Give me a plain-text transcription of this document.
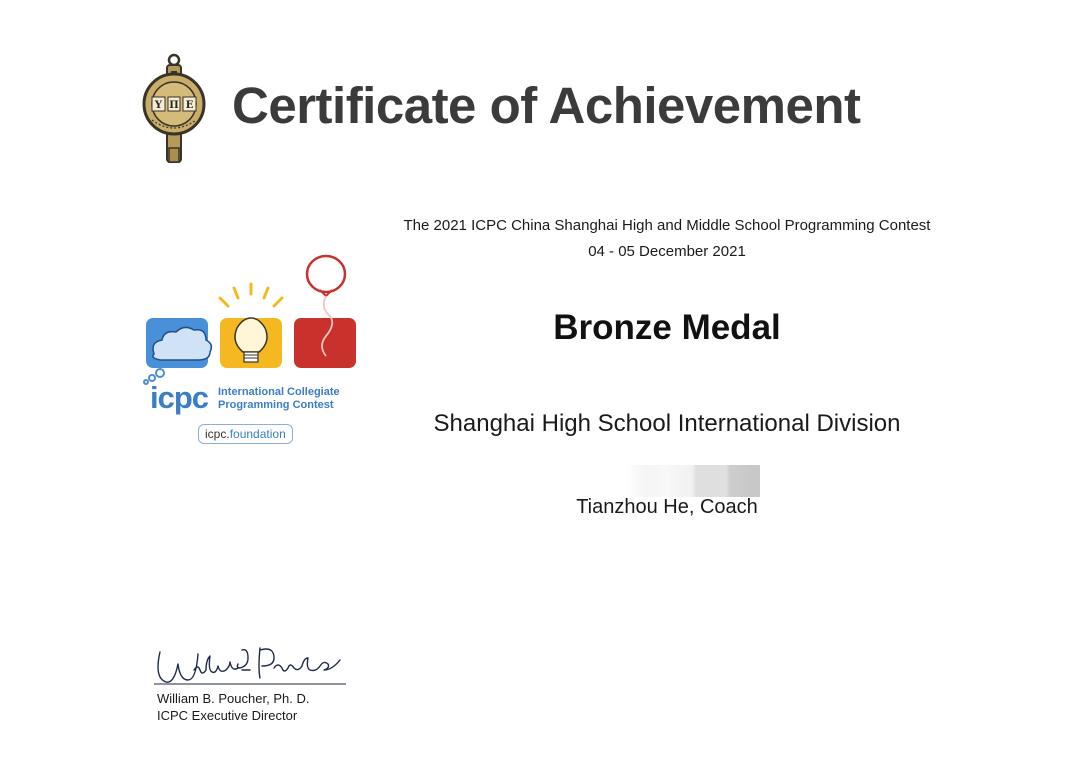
Y Π E Certificate of Achievement
The 2021 ICPC China Shanghai High and Middle School Programming Contest
04 - 05 December 2021
Bronze Medal
Shanghai High School International Division
Tianzhou He, Coach
icpc International Collegiate
Programming Contest
icpc.foundation
William B. Poucher, Ph. D.
ICPC Executive Director
